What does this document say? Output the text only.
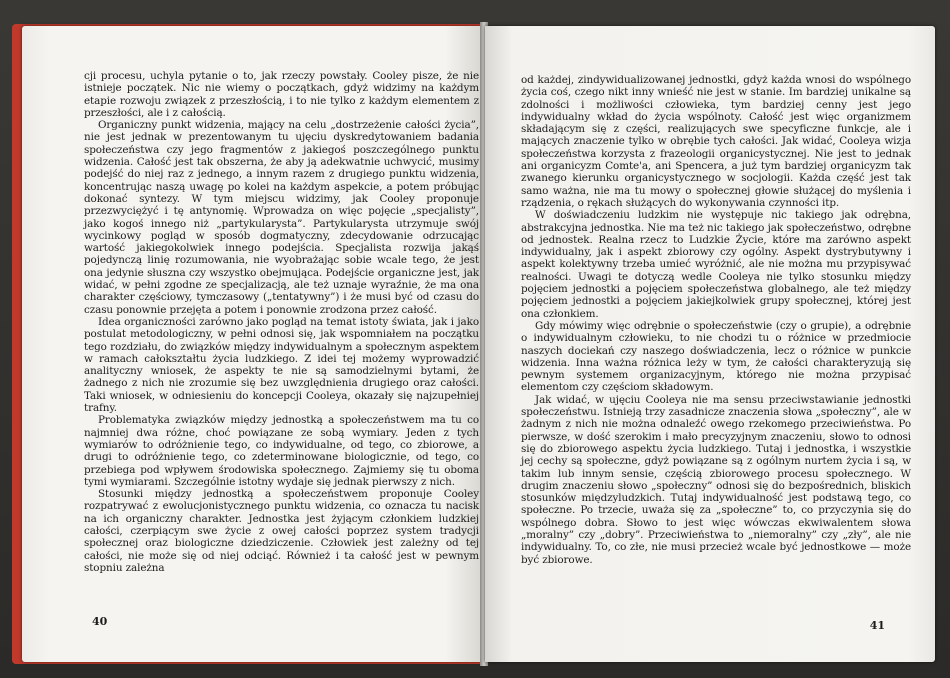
cji procesu, uchyla pytanie o to, jak rzeczy powstały. Cooley pisze, że nie istnieje początek. Nic nie wiemy o początkach, gdyż widzimy na każdym etapie rozwoju związek z przeszłością, i to nie tylko z każdym elementem z przeszłości, ale i z całością.

Organiczny punkt widzenia, mający na celu „dostrzeżenie całości życia”, nie jest jednak w prezentowanym tu ujęciu dyskredytowaniem badania społeczeństwa czy jego fragmentów z jakiegoś poszczególnego punktu widzenia. Całość jest tak obszerna, że aby ją adekwatnie uchwycić, musimy podejść do niej raz z jednego, a innym razem z drugiego punktu widzenia, koncentrując naszą uwagę po kolei na każdym aspekcie, a potem próbując dokonać syntezy. W tym miejscu widzimy, jak Cooley proponuje przezwyciężyć i tę antynomię. Wprowadza on więc pojęcie „specjalisty”, jako kogoś innego niż „partykularysta”. Partykularysta utrzymuje swój wycinkowy pogląd w sposób dogmatyczny, zdecydowanie odrzucając wartość jakiegokolwiek innego podejścia. Specjalista rozwija jakąś pojedynczą linię rozumowania, nie wyobrażając sobie wcale tego, że jest ona jedynie słuszna czy wszystko obejmująca. Podejście organiczne jest, jak widać, w pełni zgodne ze specjalizacją, ale też uznaje wyraźnie, że ma ona charakter częściowy, tymczasowy („tentatywny”) i że musi być od czasu do czasu ponownie przejęta a potem i ponownie zrodzona przez całość.

Idea organiczności zarówno jako pogląd na temat istoty świata, jak i jako postulat metodologiczny, w pełni odnosi się, jak wspomniałem na początku tego rozdziału, do związków między indywidualnym a społecznym aspektem w ramach całokształtu życia ludzkiego. Z idei tej możemy wyprowadzić analityczny wniosek, że aspekty te nie są samodzielnymi bytami, że żadnego z nich nie zrozumie się bez uwzględnienia drugiego oraz całości. Taki wniosek, w odniesieniu do koncepcji Cooleya, okazały się najzupełniej trafny.

Problematyka związków między jednostką a społeczeństwem ma tu co najmniej dwa różne, choć powiązane ze sobą wymiary. Jeden z tych wymiarów to odróżnienie tego, co indywidualne, od tego, co zbiorowe, a drugi to odróżnienie tego, co zdeterminowane biologicznie, od tego, co przebiega pod wpływem środowiska społecznego. Zajmiemy się tu oboma tymi wymiarami. Szczególnie istotny wydaje się jednak pierwszy z nich.

Stosunki między jednostką a społeczeństwem proponuje Cooley rozpatrywać z ewolucjonistycznego punktu widzenia, co oznacza tu nacisk na ich organiczny charakter. Jednostka jest żyjącym członkiem ludzkiej całości, czerpiącym swe życie z owej całości poprzez system tradycji społecznej oraz biologiczne dziedziczenie. Człowiek jest zależny od tej całości, nie może się od niej odciąć. Również i ta całość jest w pewnym stopniu zależna

40

od każdej, zindywidualizowanej jednostki, gdyż każda wnosi do wspólnego życia coś, czego nikt inny wnieść nie jest w stanie. Im bardziej unikalne są zdolności i możliwości człowieka, tym bardziej cenny jest jego indywidualny wkład do życia wspólnoty. Całość jest więc organizmem składającym się z części, realizujących swe specyficzne funkcje, ale i mających znaczenie tylko w obrębie tych całości. Jak widać, Cooleya wizja społeczeństwa korzysta z frazeologii organicystycznej. Nie jest to jednak ani organicyzm Comte'a, ani Spencera, a już tym bardziej organicyzm tak zwanego kierunku organicystycznego w socjologii. Każda część jest tak samo ważna, nie ma tu mowy o społecznej głowie służącej do myślenia i rządzenia, o rękach służących do wykonywania czynności itp.

W doświadczeniu ludzkim nie występuje nic takiego jak odrębna, abstrakcyjna jednostka. Nie ma też nic takiego jak społeczeństwo, odrębne od jednostek. Realna rzecz to Ludzkie Życie, które ma zarówno aspekt indywidualny, jak i aspekt zbiorowy czy ogólny. Aspekt dystrybutywny i aspekt kolektywny trzeba umieć wyróżnić, ale nie można mu przypisywać realności. Uwagi te dotyczą wedle Cooleya nie tylko stosunku między pojęciem jednostki a pojęciem społeczeństwa globalnego, ale też między pojęciem jednostki a pojęciem jakiejkolwiek grupy społecznej, której jest ona członkiem.

Gdy mówimy więc odrębnie o społeczeństwie (czy o grupie), a odrębnie o indywidualnym człowieku, to nie chodzi tu o różnice w przedmiocie naszych dociekań czy naszego doświadczenia, lecz o różnice w punkcie widzenia. Inna ważna różnica leży w tym, że całości charakteryzują się pewnym systemem organizacyjnym, którego nie można przypisać elementom czy częściom składowym.

Jak widać, w ujęciu Cooleya nie ma sensu przeciwstawianie jednostki społeczeństwu. Istnieją trzy zasadnicze znaczenia słowa „społeczny”, ale w żadnym z nich nie można odnaleźć owego rzekomego przeciwieństwa. Po pierwsze, w dość szerokim i mało precyzyjnym znaczeniu, słowo to odnosi się do zbiorowego aspektu życia ludzkiego. Tutaj i jednostka, i wszystkie jej cechy są społeczne, gdyż powiązane są z ogólnym nurtem życia i są, w takim lub innym sensie, częścią zbiorowego procesu społecznego. W drugim znaczeniu słowo „społeczny” odnosi się do bezpośrednich, bliskich stosunków międzyludzkich. Tutaj indywidualność jest podstawą tego, co społeczne. Po trzecie, uważa się za „społeczne” to, co przyczynia się do wspólnego dobra. Słowo to jest więc wówczas ekwiwalentem słowa „moralny” czy „dobry”. Przeciwieństwa to „niemoralny” czy „zły”, ale nie indywidualny. To, co złe, nie musi przecież wcale być jednostkowe — może być zbiorowe.

41
